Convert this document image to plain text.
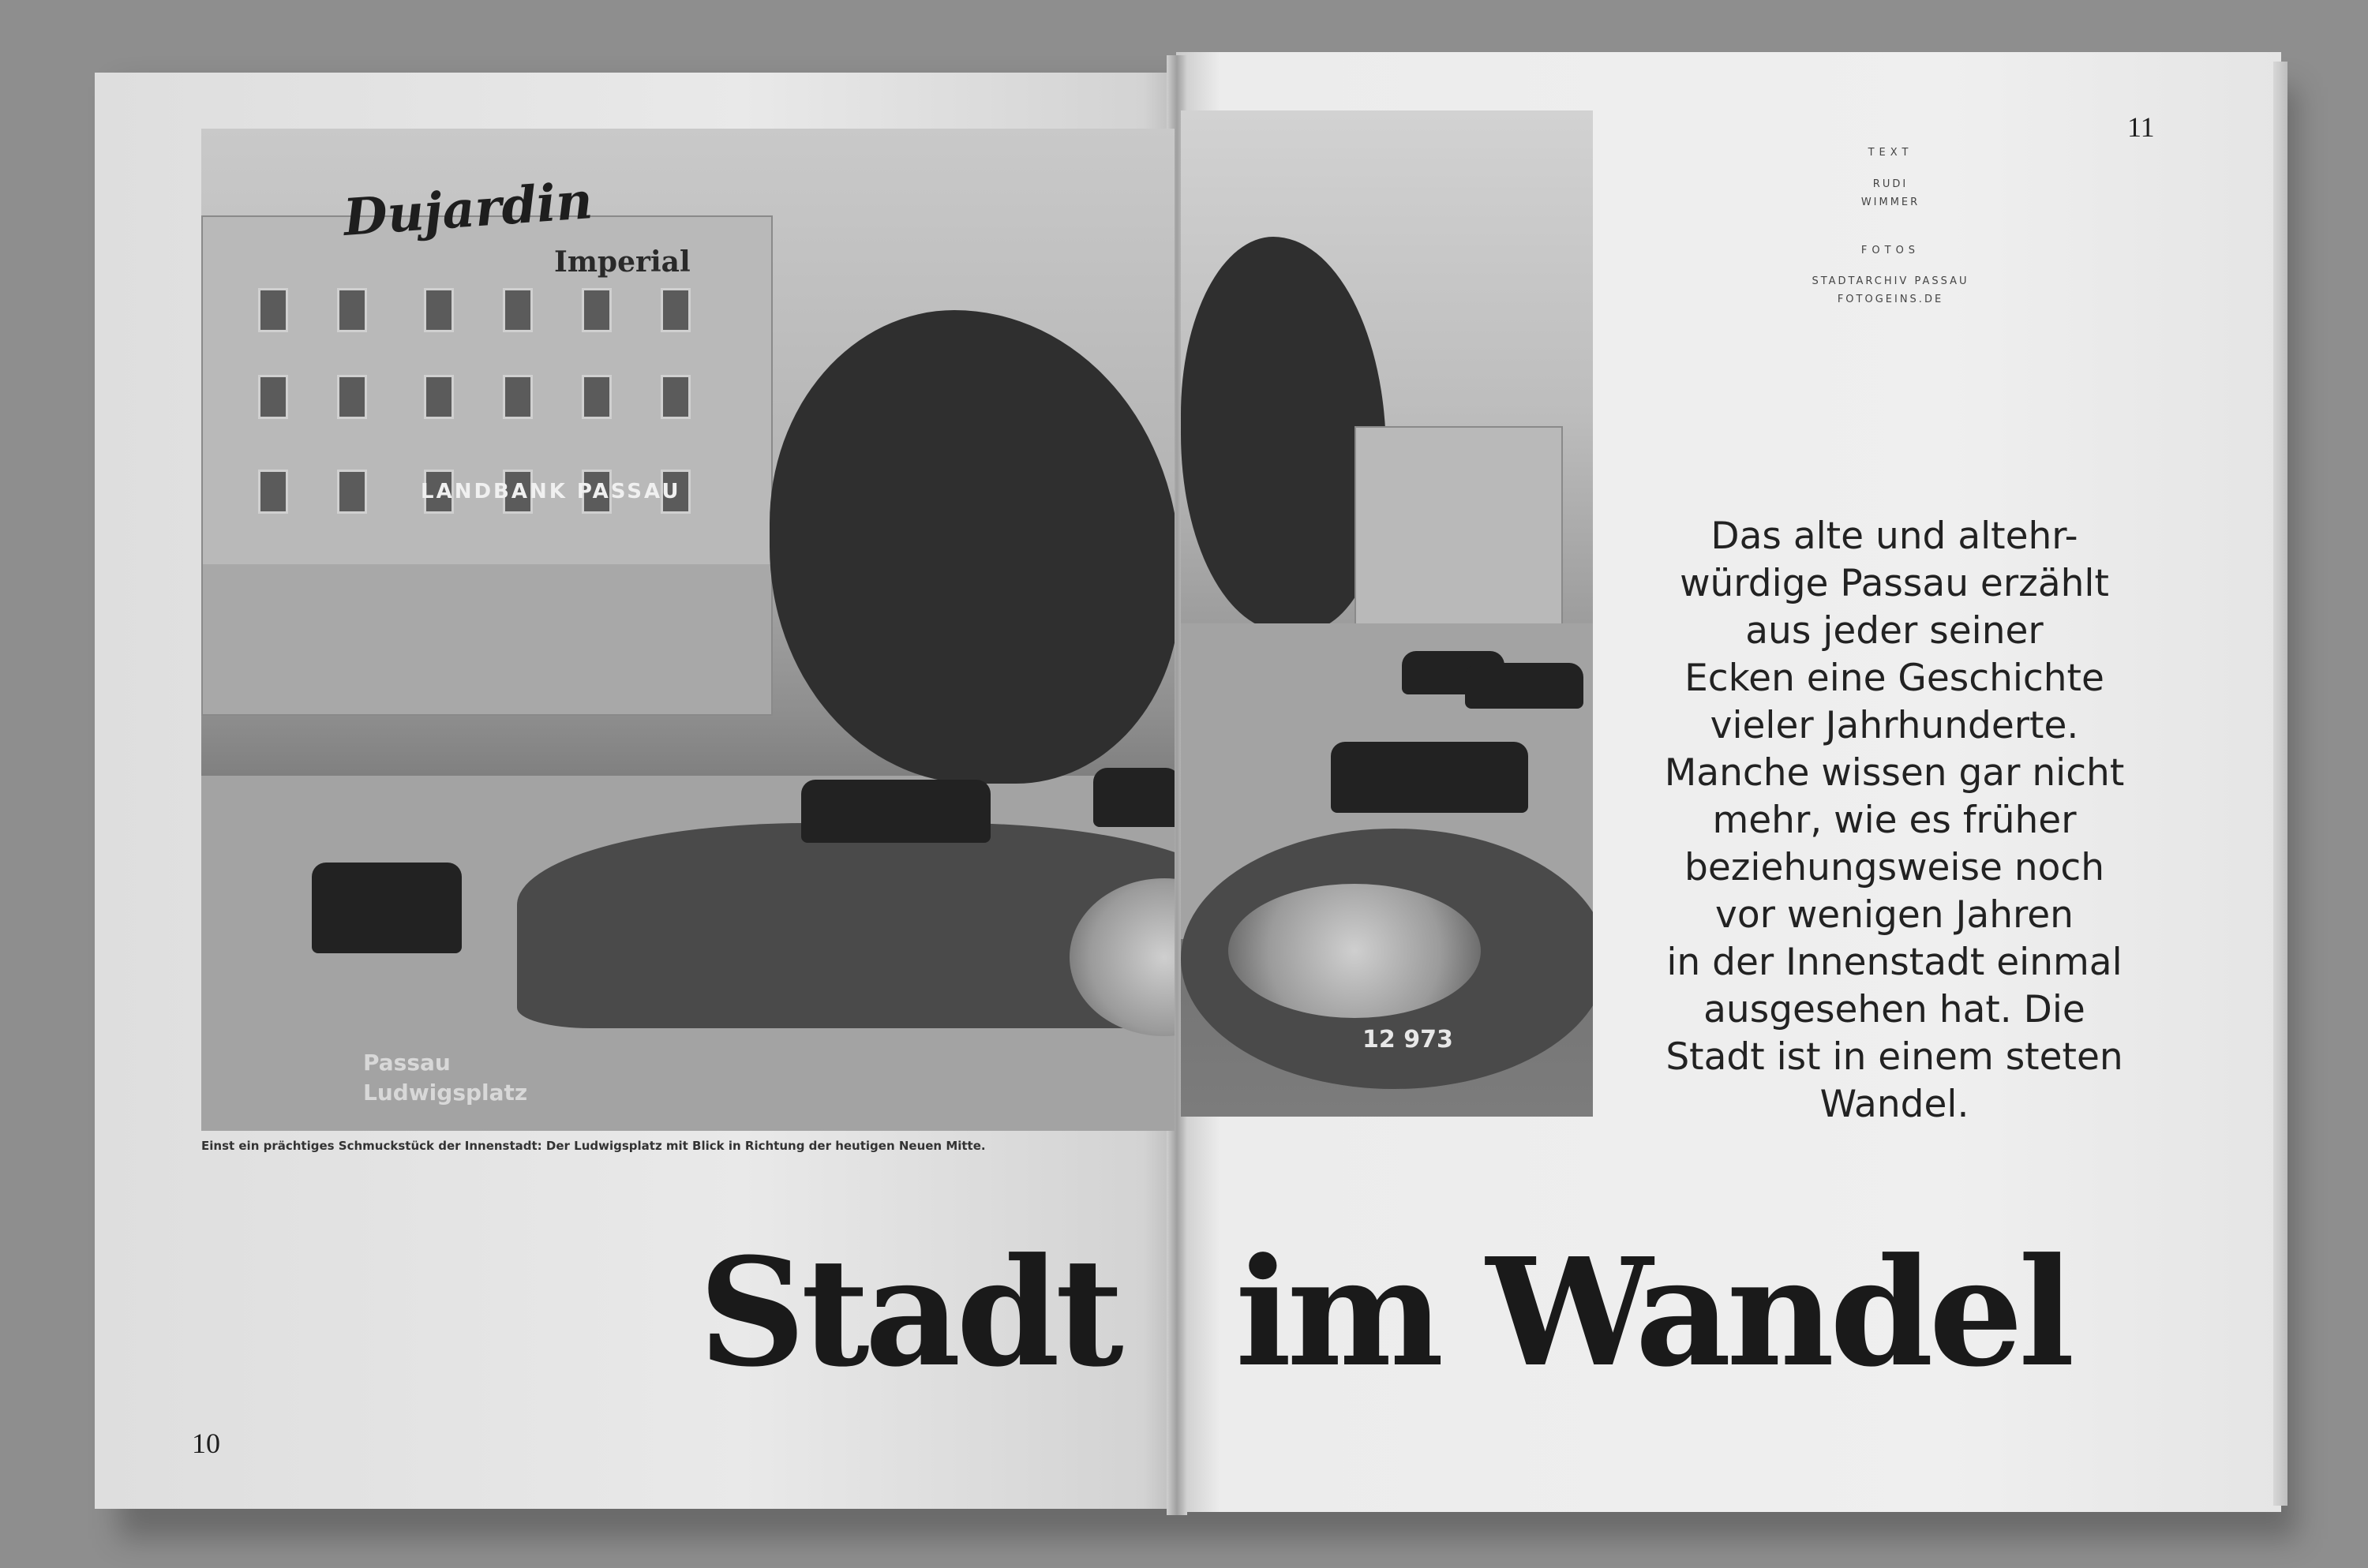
Dujardin
Imperial
LANDBANK PASSAU
Passau
Ludwigsplatz
12 973
Einst ein prächtiges Schmuckstück der Innenstadt: Der Ludwigsplatz mit Blick in Richtung der heutigen Neuen Mitte.
TEXT
RUDI
WIMMER
FOTOS
STADTARCHIV PASSAU
FOTOGEINS.DE
11
10
Das alte und altehr-
würdige Passau erzählt
aus jeder seiner
Ecken eine Geschichte
vieler Jahrhunderte.
Manche wissen gar nicht
mehr, wie es früher
beziehungsweise noch
vor wenigen Jahren
in der Innenstadt einmal
ausgesehen hat. Die
Stadt ist in einem steten
Wandel.
Stadt im Wandel
